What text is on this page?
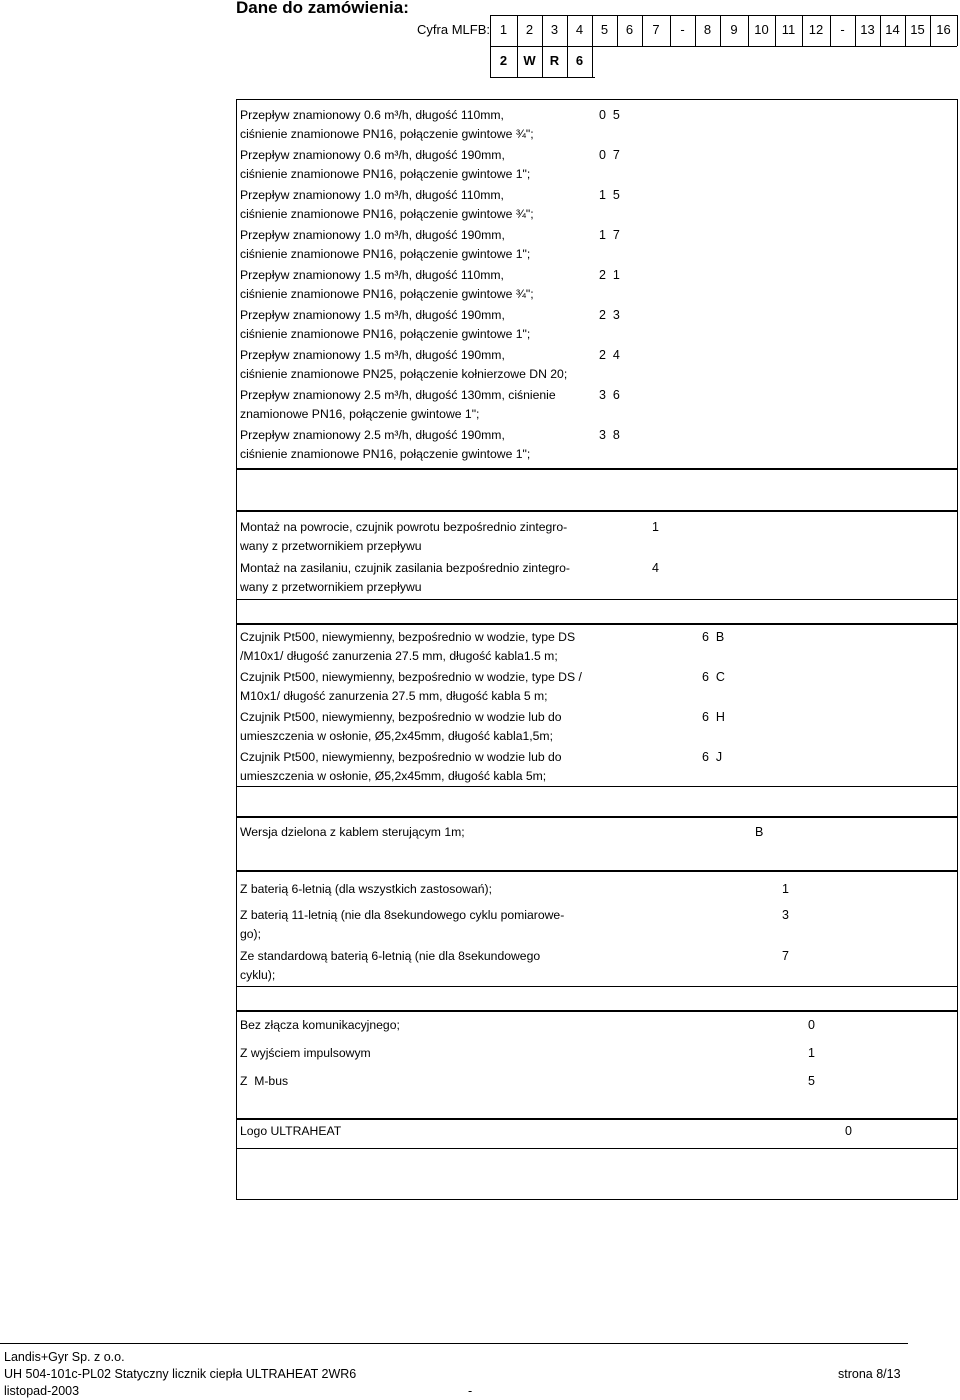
Dane do zamówienia:
Cyfra MLFB: 1	2	3	4	5	6	7	-	8	9	10	11	12	-	13 14 15 16
2	W	R	6
Przepływ znamionowy 0.6 m³/h, długość 110mm,
ciśnienie znamionowe PN16, połączenie gwintowe ¾";
0  5
Przepływ znamionowy 0.6 m³/h, długość 190mm,
ciśnienie znamionowe PN16, połączenie gwintowe 1";
0  7
Przepływ znamionowy 1.0 m³/h, długość 110mm,
ciśnienie znamionowe PN16, połączenie gwintowe ¾";
1  5
Przepływ znamionowy 1.0 m³/h, długość 190mm,
ciśnienie znamionowe PN16, połączenie gwintowe 1";
1  7
Przepływ znamionowy 1.5 m³/h, długość 110mm,
ciśnienie znamionowe PN16, połączenie gwintowe ¾";
2  1
Przepływ znamionowy 1.5 m³/h, długość 190mm,
ciśnienie znamionowe PN16, połączenie gwintowe 1";
2  3
Przepływ znamionowy 1.5 m³/h, długość 190mm,
ciśnienie znamionowe PN25, połączenie kołnierzowe DN 20;
2  4
Przepływ znamionowy 2.5 m³/h, długość 130mm, ciśnienie
znamionowe PN16, połączenie gwintowe 1";
3  6
Przepływ znamionowy 2.5 m³/h, długość 190mm,
ciśnienie znamionowe PN16, połączenie gwintowe 1";
3  8
Montaż na powrocie, czujnik powrotu bezpośrednio zintegro-
wany z przetwornikiem przepływu
1
Montaż na zasilaniu, czujnik zasilania bezpośrednio zintegro-
wany z przetwornikiem przepływu
4
Czujnik Pt500, niewymienny, bezpośrednio w wodzie, type DS
/M10x1/ długość zanurzenia 27.5 mm, długość kabla1.5 m;
6  B
Czujnik Pt500, niewymienny, bezpośrednio w wodzie, type DS /
M10x1/ długość zanurzenia 27.5 mm, długość kabla 5 m;
6  C
Czujnik Pt500, niewymienny, bezpośrednio w wodzie lub do
umieszczenia w osłonie, Ø5,2x45mm, długość kabla1,5m;
6  H
Czujnik Pt500, niewymienny, bezpośrednio w wodzie lub do
umieszczenia w osłonie, Ø5,2x45mm, długość kabla 5m;
6  J
Wersja dzielona z kablem sterującym 1m;	B
Z baterią 6-letnią (dla wszystkich zastosowań);	1
Z baterią 11-letnią (nie dla 8sekundowego cyklu pomiarowe-
go);
3
Ze standardową baterią 6-letnią (nie dla 8sekundowego
cyklu);
7
Bez złącza komunikacyjnego;	0
Z wyjściem impulsowym	1
Z  M-bus	5
Logo ULTRAHEAT	0
Landis+Gyr Sp. z o.o.
UH 504-101c-PL02 Statyczny licznik ciepła ULTRAHEAT 2WR6	strona 8/13
listopad-2003	-
